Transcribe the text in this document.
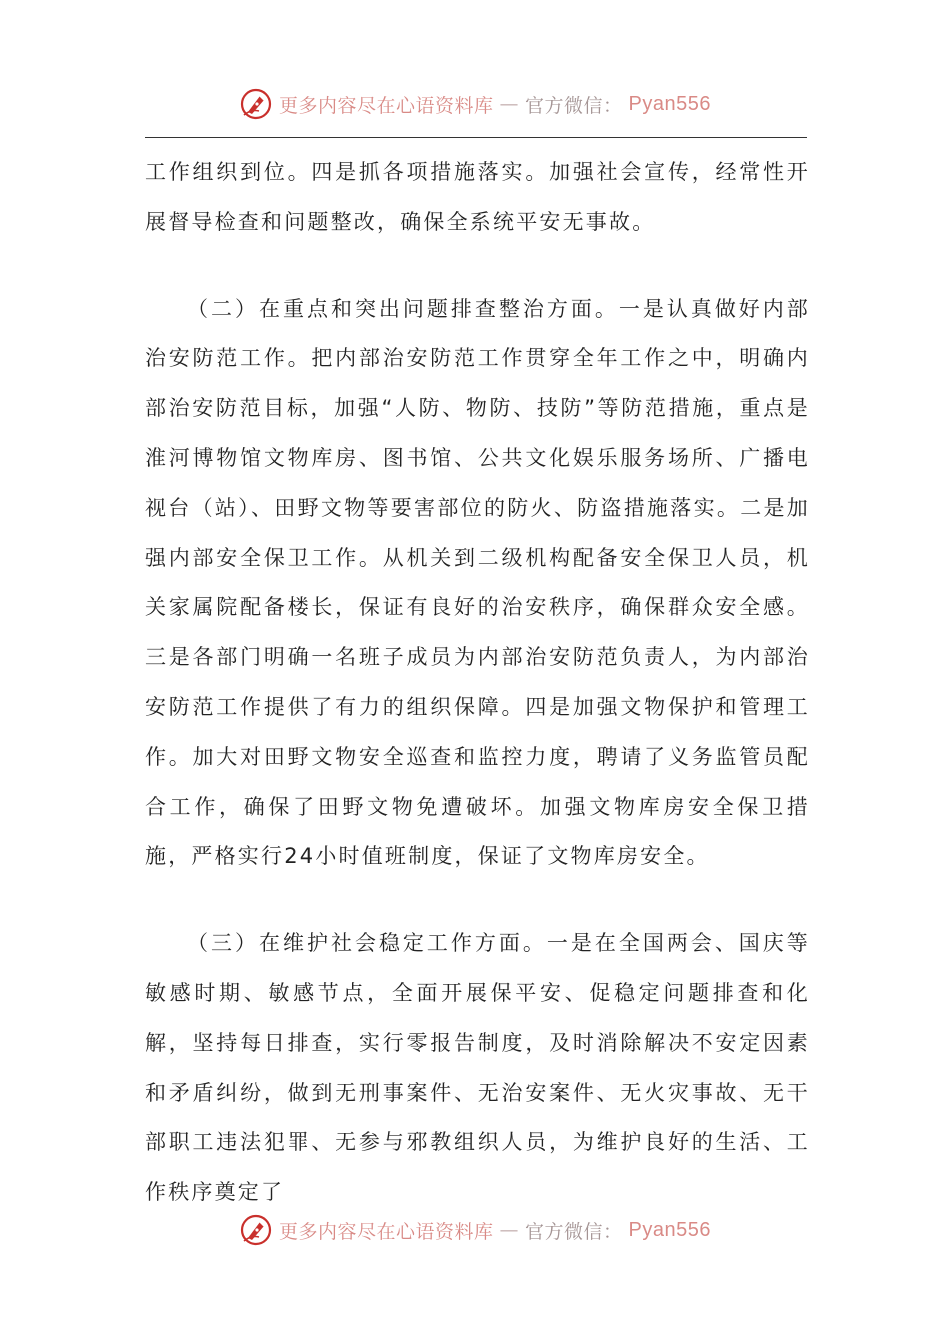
更多内容尽在心语资料库 — 官方微信： Pyan556

工作组织到位。四是抓各项措施落实。加强社会宣传，经常性开展督导检查和问题整改，确保全系统平安无事故。

（二）在重点和突出问题排查整治方面。一是认真做好内部治安防范工作。把内部治安防范工作贯穿全年工作之中，明确内部治安防范目标，加强“人防、物防、技防”等防范措施，重点是淮河博物馆文物库房、图书馆、公共文化娱乐服务场所、广播电视台（站）、田野文物等要害部位的防火、防盗措施落实。二是加强内部安全保卫工作。从机关到二级机构配备安全保卫人员，机关家属院配备楼长，保证有良好的治安秩序，确保群众安全感。三是各部门明确一名班子成员为内部治安防范负责人，为内部治安防范工作提供了有力的组织保障。四是加强文物保护和管理工作。加大对田野文物安全巡查和监控力度，聘请了义务监管员配合工作，确保了田野文物免遭破坏。加强文物库房安全保卫措施，严格实行24小时值班制度，保证了文物库房安全。

（三）在维护社会稳定工作方面。一是在全国两会、国庆等敏感时期、敏感节点，全面开展保平安、促稳定问题排查和化解，坚持每日排查，实行零报告制度，及时消除解决不安定因素和矛盾纠纷，做到无刑事案件、无治安案件、无火灾事故、无干部职工违法犯罪、无参与邪教组织人员，为维护良好的生活、工作秩序奠定了

更多内容尽在心语资料库 — 官方微信： Pyan556
